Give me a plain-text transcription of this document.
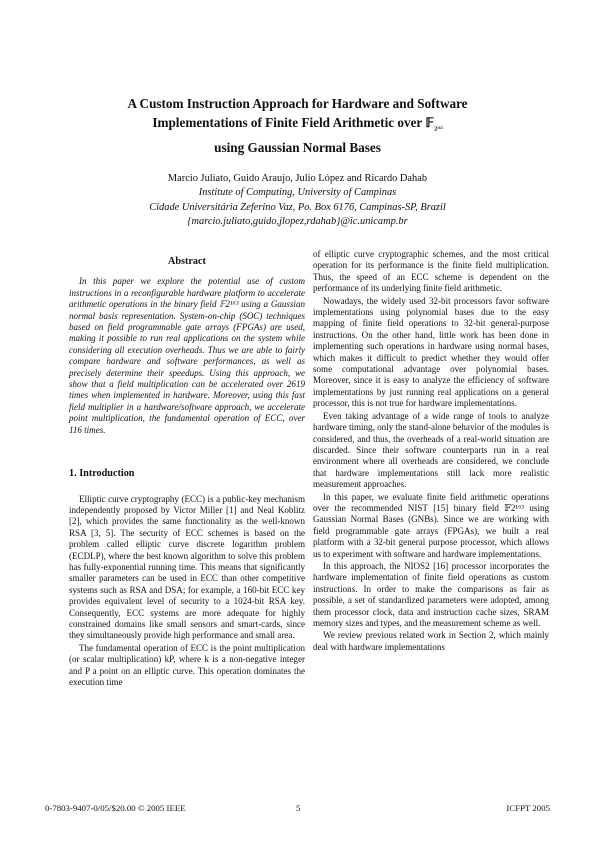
A Custom Instruction Approach for Hardware and Software
Implementations of Finite Field Arithmetic over 𝔽$_{2^{163}}$
using Gaussian Normal Bases
Marcio Juliato, Guido Araujo, Julio López and Ricardo Dahab
Institute of Computing, University of Campinas
Cidade Universitária Zeferino Vaz, Po. Box 6176, Campinas-SP, Brazil
{marcio.juliato,guido,jlopez,rdahab}@ic.unicamp.br
Abstract

In this paper we explore the potential use of custom instructions in a reconfigurable hardware platform to accelerate arithmetic operations in the binary field 𝔽2¹⁶³ using a Gaussian normal basis representation. System-on-chip (SOC) techniques based on field programmable gate arrays (FPGAs) are used, making it possible to run real applications on the system while considering all execution overheads. Thus we are able to fairly compare hardware and software performances, as well as precisely determine their speedups. Using this approach, we show that a field multiplication can be accelerated over 2619 times when implemented in hardware. Moreover, using this fast field multiplier in a hardware/software approach, we accelerate point multiplication, the fundamental operation of ECC, over 116 times.

1. Introduction

Elliptic curve cryptography (ECC) is a public-key mechanism independently proposed by Victor Miller [1] and Neal Koblitz [2], which provides the same functionality as the well-known RSA [3, 5]. The security of ECC schemes is based on the problem called elliptic curve discrete logarithm problem (ECDLP), where the best known algorithm to solve this problem has fully-exponential running time. This means that significantly smaller parameters can be used in ECC than other competitive systems such as RSA and DSA; for example, a 160-bit ECC key provides equivalent level of security to a 1024-bit RSA key. Consequently, ECC systems are more adequate for highly constrained domains like small sensors and smart-cards, since they simultaneously provide high performance and small area.

The fundamental operation of ECC is the point multiplication (or scalar multiplication) kP, where k is a non-negative integer and P a point on an elliptic curve. This operation dominates the execution time

of elliptic curve cryptographic schemes, and the most critical operation for its performance is the finite field multiplication. Thus, the speed of an ECC scheme is dependent on the performance of its underlying finite field arithmetic.

Nowadays, the widely used 32-bit processors favor software implementations using polynomial bases due to the easy mapping of finite field operations to 32-bit general-purpose instructions. On the other hand, little work has been done in implementing such operations in hardware using normal bases, which makes it difficult to predict whether they would offer some computational advantage over polynomial bases. Moreover, since it is easy to analyze the efficiency of software implementations by just running real applications on a general processor, this is not true for hardware implementations.

Even taking advantage of a wide range of tools to analyze hardware timing, only the stand-alone behavior of the modules is considered, and thus, the overheads of a real-world situation are discarded. Since their software counterparts run in a real environment where all overheads are considered, we conclude that hardware implementations still lack more realistic measurement approaches.

In this paper, we evaluate finite field arithmetic operations over the recommended NIST [15] binary field 𝔽2¹⁶³ using Gaussian Normal Bases (GNBs). Since we are working with field programmable gate arrays (FPGAs), we built a real platform with a 32-bit general purpose processor, which allows us to experiment with software and hardware implementations.

In this approach, the NIOS2 [16] processor incorporates the hardware implementation of finite field operations as custom instructions. In order to make the comparisons as fair as possible, a set of standardized parameters were adopted, among them processor clock, data and instruction cache sizes, SRAM memory sizes and types, and the measurement scheme as well.

We review previous related work in Section 2, which mainly deal with hardware implementations

0-7803-9407-0/05/$20.00 © 2005 IEEE	5	ICFPT 2005
